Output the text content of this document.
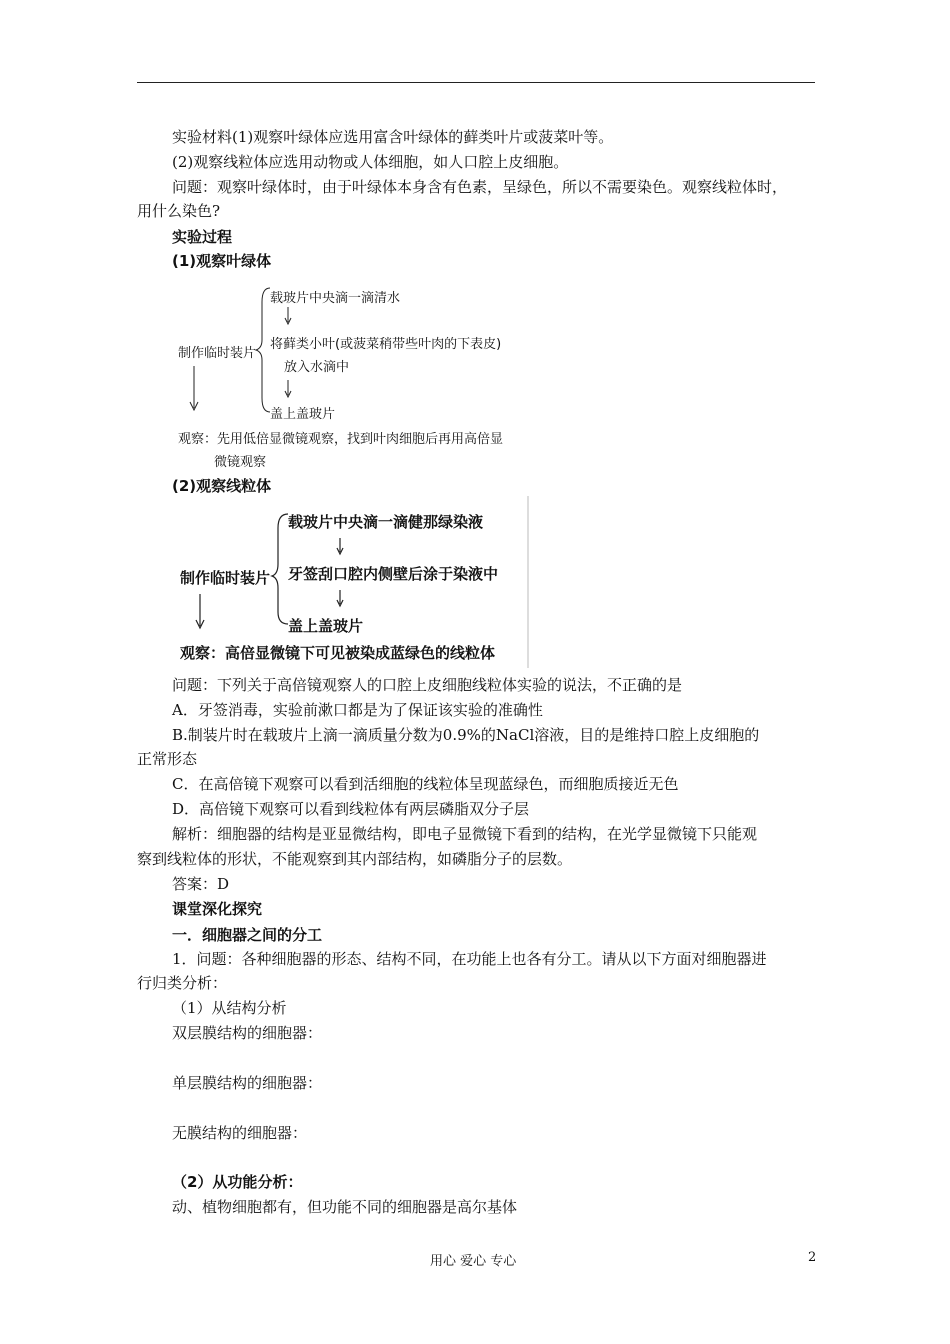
实验材料(1)观察叶绿体应选用富含叶绿体的藓类叶片或菠菜叶等。
(2)观察线粒体应选用动物或人体细胞，如人口腔上皮细胞。
问题：观察叶绿体时，由于叶绿体本身含有色素，呈绿色，所以不需要染色。观察线粒体时，
用什么染色?
实验过程
(1)观察叶绿体
制作临时装片
载玻片中央滴一滴清水
将藓类小叶(或菠菜稍带些叶肉的下表皮)
放入水滴中
盖上盖玻片
观察：先用低倍显微镜观察，找到叶肉细胞后再用高倍显
微镜观察
(2)观察线粒体
制作临时装片
载玻片中央滴一滴健那绿染液
牙签刮口腔内侧壁后涂于染液中
盖上盖玻片
观察：高倍显微镜下可见被染成蓝绿色的线粒体
问题：下列关于高倍镜观察人的口腔上皮细胞线粒体实验的说法，不正确的是
A．牙签消毒，实验前漱口都是为了保证该实验的准确性
B.制装片时在载玻片上滴一滴质量分数为0.9%的NaCl溶液，目的是维持口腔上皮细胞的
正常形态
C．在高倍镜下观察可以看到活细胞的线粒体呈现蓝绿色，而细胞质接近无色
D．高倍镜下观察可以看到线粒体有两层磷脂双分子层
解析：细胞器的结构是亚显微结构，即电子显微镜下看到的结构，在光学显微镜下只能观
察到线粒体的形状，不能观察到其内部结构，如磷脂分子的层数。
答案：D
课堂深化探究
一．细胞器之间的分工
1．问题：各种细胞器的形态、结构不同，在功能上也各有分工。请从以下方面对细胞器进
行归类分析：
（1）从结构分析
双层膜结构的细胞器：
单层膜结构的细胞器：
无膜结构的细胞器：
（2）从功能分析：
动、植物细胞都有，但功能不同的细胞器是高尔基体
用心 爱心 专心	2
